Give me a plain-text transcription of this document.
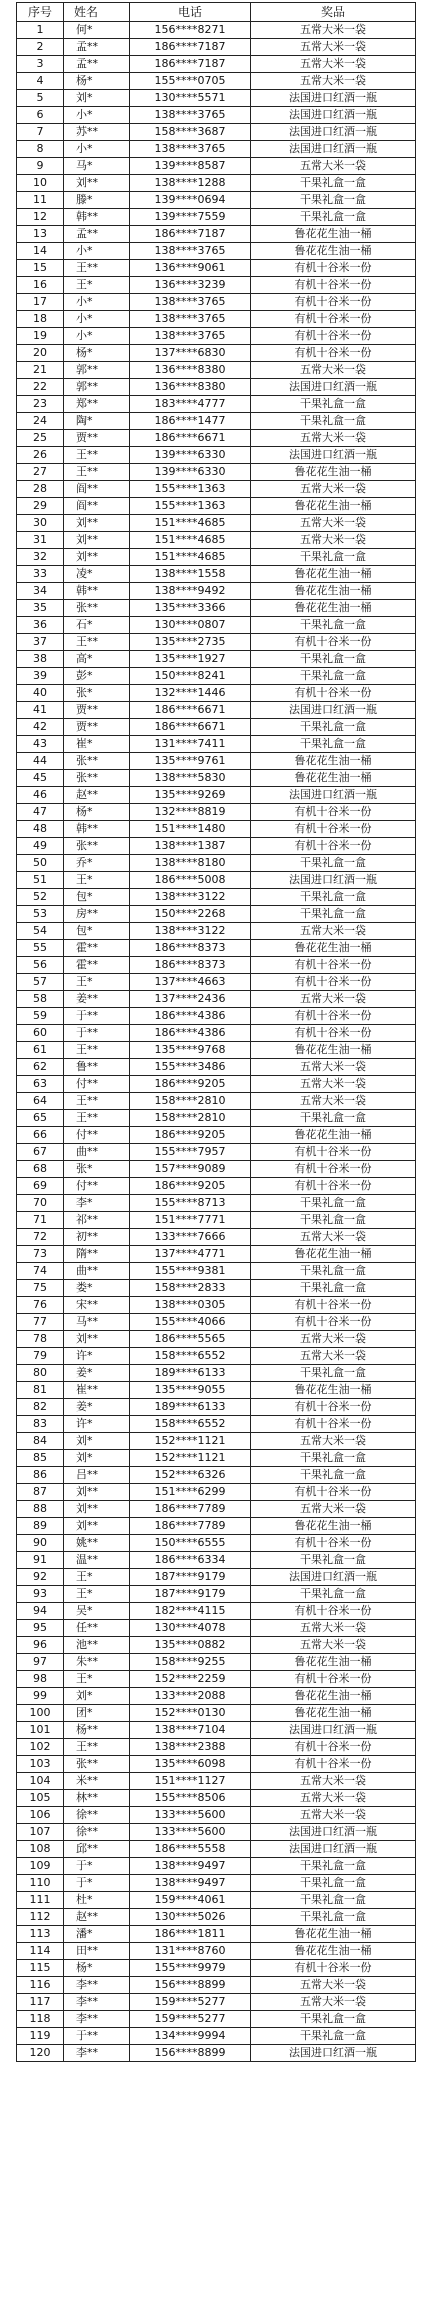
序号	姓名	电话	奖品
1	何*	156****8271	五常大米一袋
2	孟**	186****7187	五常大米一袋
3	孟**	186****7187	五常大米一袋
4	杨*	155****0705	五常大米一袋
5	刘*	130****5571	法国进口红酒一瓶
6	小*	138****3765	法国进口红酒一瓶
7	苏**	158****3687	法国进口红酒一瓶
8	小*	138****3765	法国进口红酒一瓶
9	马*	139****8587	五常大米一袋
10	刘**	138****1288	干果礼盒一盒
11	滕*	139****0694	干果礼盒一盒
12	韩**	139****7559	干果礼盒一盒
13	孟**	186****7187	鲁花花生油一桶
14	小*	138****3765	鲁花花生油一桶
15	王**	136****9061	有机十谷米一份
16	王*	136****3239	有机十谷米一份
17	小*	138****3765	有机十谷米一份
18	小*	138****3765	有机十谷米一份
19	小*	138****3765	有机十谷米一份
20	杨*	137****6830	有机十谷米一份
21	郭**	136****8380	五常大米一袋
22	郭**	136****8380	法国进口红酒一瓶
23	郑**	183****4777	干果礼盒一盒
24	陶*	186****1477	干果礼盒一盒
25	贾**	186****6671	五常大米一袋
26	王**	139****6330	法国进口红酒一瓶
27	王**	139****6330	鲁花花生油一桶
28	阎**	155****1363	五常大米一袋
29	阎**	155****1363	鲁花花生油一桶
30	刘**	151****4685	五常大米一袋
31	刘**	151****4685	五常大米一袋
32	刘**	151****4685	干果礼盒一盒
33	凌*	138****1558	鲁花花生油一桶
34	韩**	138****9492	鲁花花生油一桶
35	张**	135****3366	鲁花花生油一桶
36	石*	130****0807	干果礼盒一盒
37	王**	135****2735	有机十谷米一份
38	高*	135****1927	干果礼盒一盒
39	彭*	150****8241	干果礼盒一盒
40	张*	132****1446	有机十谷米一份
41	贾**	186****6671	法国进口红酒一瓶
42	贾**	186****6671	干果礼盒一盒
43	崔*	131****7411	干果礼盒一盒
44	张**	135****9761	鲁花花生油一桶
45	张**	138****5830	鲁花花生油一桶
46	赵**	135****9269	法国进口红酒一瓶
47	杨*	132****8819	有机十谷米一份
48	韩**	151****1480	有机十谷米一份
49	张**	138****1387	有机十谷米一份
50	乔*	138****8180	干果礼盒一盒
51	王*	186****5008	法国进口红酒一瓶
52	包*	138****3122	干果礼盒一盒
53	房**	150****2268	干果礼盒一盒
54	包*	138****3122	五常大米一袋
55	霍**	186****8373	鲁花花生油一桶
56	霍**	186****8373	有机十谷米一份
57	王*	137****4663	有机十谷米一份
58	姜**	137****2436	五常大米一袋
59	于**	186****4386	有机十谷米一份
60	于**	186****4386	有机十谷米一份
61	王**	135****9768	鲁花花生油一桶
62	鲁**	155****3486	五常大米一袋
63	付**	186****9205	五常大米一袋
64	王**	158****2810	五常大米一袋
65	王**	158****2810	干果礼盒一盒
66	付**	186****9205	鲁花花生油一桶
67	曲**	155****7957	有机十谷米一份
68	张*	157****9089	有机十谷米一份
69	付**	186****9205	有机十谷米一份
70	李*	155****8713	干果礼盒一盒
71	祁**	151****7771	干果礼盒一盒
72	初**	133****7666	五常大米一袋
73	隋**	137****4771	鲁花花生油一桶
74	曲**	155****9381	干果礼盒一盒
75	娄*	158****2833	干果礼盒一盒
76	宋**	138****0305	有机十谷米一份
77	马**	155****4066	有机十谷米一份
78	刘**	186****5565	五常大米一袋
79	许*	158****6552	五常大米一袋
80	姜*	189****6133	干果礼盒一盒
81	崔**	135****9055	鲁花花生油一桶
82	姜*	189****6133	有机十谷米一份
83	许*	158****6552	有机十谷米一份
84	刘*	152****1121	五常大米一袋
85	刘*	152****1121	干果礼盒一盒
86	吕**	152****6326	干果礼盒一盒
87	刘**	151****6299	有机十谷米一份
88	刘**	186****7789	五常大米一袋
89	刘**	186****7789	鲁花花生油一桶
90	姚**	150****6555	有机十谷米一份
91	温**	186****6334	干果礼盒一盒
92	王*	187****9179	法国进口红酒一瓶
93	王*	187****9179	干果礼盒一盒
94	吴*	182****4115	有机十谷米一份
95	任**	130****4078	五常大米一袋
96	池**	135****0882	五常大米一袋
97	朱**	158****9255	鲁花花生油一桶
98	王*	152****2259	有机十谷米一份
99	刘*	133****2088	鲁花花生油一桶
100	团*	152****0130	鲁花花生油一桶
101	杨**	138****7104	法国进口红酒一瓶
102	王**	138****2388	有机十谷米一份
103	张**	135****6098	有机十谷米一份
104	米**	151****1127	五常大米一袋
105	林**	155****8506	五常大米一袋
106	徐**	133****5600	五常大米一袋
107	徐**	133****5600	法国进口红酒一瓶
108	邱**	186****5558	法国进口红酒一瓶
109	于*	138****9497	干果礼盒一盒
110	于*	138****9497	干果礼盒一盒
111	杜*	159****4061	干果礼盒一盒
112	赵**	130****5026	干果礼盒一盒
113	潘*	186****1811	鲁花花生油一桶
114	田**	131****8760	鲁花花生油一桶
115	杨*	155****9979	有机十谷米一份
116	李**	156****8899	五常大米一袋
117	李**	159****5277	五常大米一袋
118	李**	159****5277	干果礼盒一盒
119	于**	134****9994	干果礼盒一盒
120	李**	156****8899	法国进口红酒一瓶
